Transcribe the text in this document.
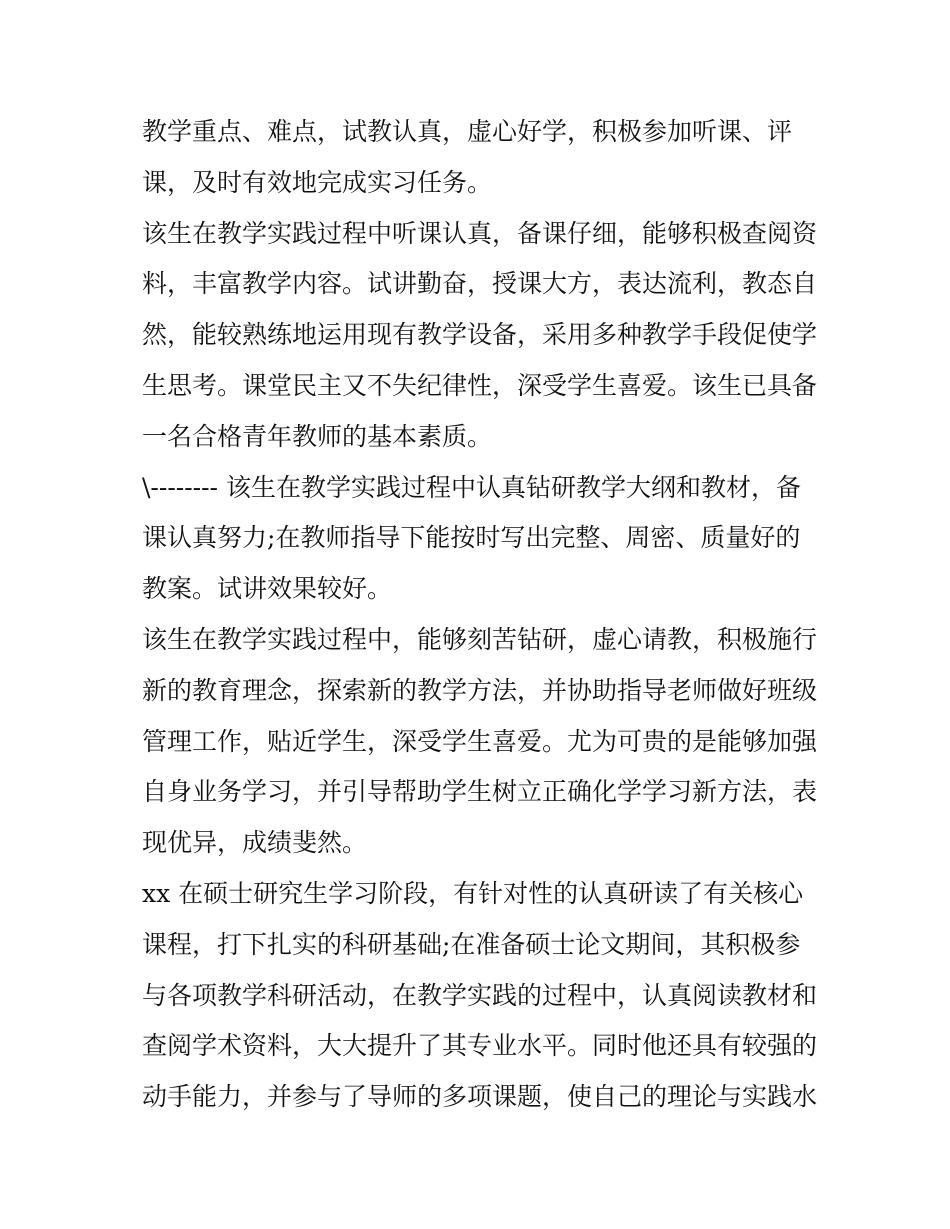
教学重点、难点，试教认真，虚心好学，积极参加听课、评
课，及时有效地完成实习任务。
该生在教学实践过程中听课认真，备课仔细，能够积极查阅资
料，丰富教学内容。试讲勤奋，授课大方，表达流利，教态自
然，能较熟练地运用现有教学设备，采用多种教学手段促使学
生思考。课堂民主又不失纪律性，深受学生喜爱。该生已具备
一名合格青年教师的基本素质。
\-------- 该生在教学实践过程中认真钻研教学大纲和教材，备
课认真努力;在教师指导下能按时写出完整、周密、质量好的
教案。试讲效果较好。
该生在教学实践过程中，能够刻苦钻研，虚心请教，积极施行
新的教育理念，探索新的教学方法，并协助指导老师做好班级
管理工作，贴近学生，深受学生喜爱。尤为可贵的是能够加强
自身业务学习，并引导帮助学生树立正确化学学习新方法，表
现优异，成绩斐然。
xx 在硕士研究生学习阶段，有针对性的认真研读了有关核心
课程，打下扎实的科研基础;在准备硕士论文期间，其积极参
与各项教学科研活动，在教学实践的过程中，认真阅读教材和
查阅学术资料，大大提升了其专业水平。同时他还具有较强的
动手能力，并参与了导师的多项课题，使自己的理论与实践水
